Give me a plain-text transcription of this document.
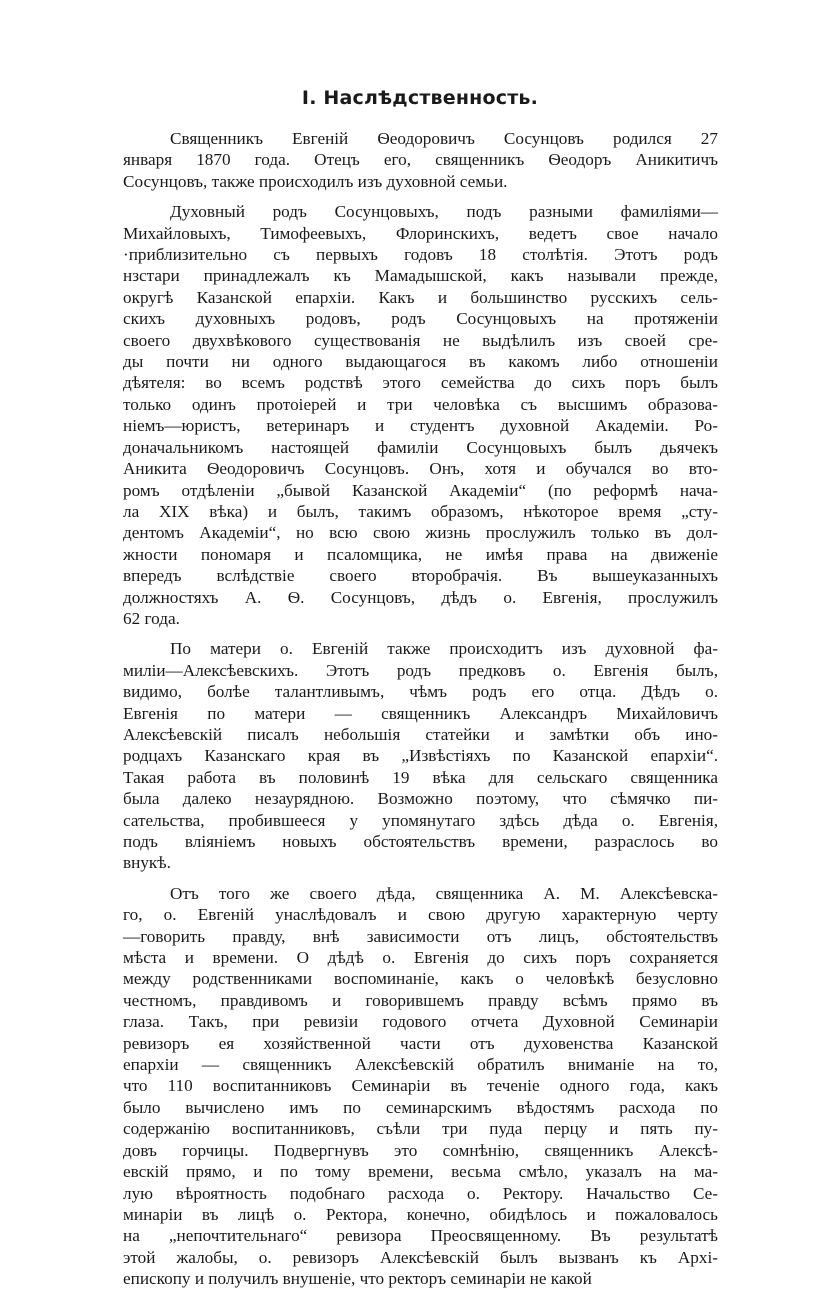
I. Наслѣдственность.
Священникъ Евгеній Ѳеодоровичъ Сосунцовъ родился 27
января 1870 года. Отецъ его, священникъ Ѳеодоръ Аникитичъ
Сосунцовъ, также происходилъ изъ духовной семьи.
Духовный родъ Сосунцовыхъ, подъ разными фамиліями—
Михайловыхъ, Тимофеевыхъ, Флоринскихъ, ведетъ свое начало
·приблизительно съ первыхъ годовъ 18 столѣтія. Этотъ родъ
нзстари принадлежалъ къ Мамадышской, какъ называли прежде,
округѣ Казанской епархіи. Какъ и большинство русскихъ сель-
скихъ духовныхъ родовъ, родъ Сосунцовыхъ на протяженіи
своего двухвѣкового существованія не выдѣлилъ изъ своей сре-
ды почти ни одного выдающагося въ какомъ либо отношеніи
дѣятеля: во всемъ родствѣ этого семейства до сихъ поръ былъ
только одинъ протоіерей и три человѣка съ высшимъ образова-
ніемъ—юристъ, ветеринаръ и студентъ духовной Академіи. Ро-
доначальникомъ настоящей фамиліи Сосунцовыхъ былъ дьячекъ
Аникита Ѳеодоровичъ Сосунцовъ. Онъ, хотя и обучался во вто-
ромъ отдѣленіи „бывой Казанской Академіи“ (по реформѣ нача-
ла XIX вѣка) и былъ, такимъ образомъ, нѣкоторое время „сту-
дентомъ Академіи“, но всю свою жизнь прослужилъ только въ дол-
жности пономаря и псаломщика, не имѣя права на движеніе
впередъ вслѣдствіе своего второбрачія. Въ вышеуказанныхъ
должностяхъ А. Ѳ. Сосунцовъ, дѣдъ о. Евгенія, прослужилъ
62 года.
По матери о. Евгеній также происходитъ изъ духовной фа-
миліи—Алексѣевскихъ. Этотъ родъ предковъ о. Евгенія былъ,
видимо, болѣе талантливымъ, чѣмъ родъ его отца. Дѣдъ о.
Евгенія по матери — священникъ Александръ Михайловичъ
Алексѣевскій писалъ небольшія статейки и замѣтки объ ино-
родцахъ Казанскаго края въ „Извѣстіяхъ по Казанской епархіи“.
Такая работа въ половинѣ 19 вѣка для сельскаго священника
была далеко незаурядною. Возможно поэтому, что сѣмячко пи-
сательства, пробившееся у упомянутаго здѣсь дѣда о. Евгенія,
подъ вліяніемъ новыхъ обстоятельствъ времени, разраслось во
внукѣ.
Отъ того же своего дѣда, священника А. М. Алексѣевска-
го, о. Евгеній унаслѣдовалъ и свою другую характерную черту
—говорить правду, внѣ зависимости отъ лицъ, обстоятельствъ
мѣста и времени. О дѣдѣ о. Евгенія до сихъ поръ сохраняется
между родственниками воспоминаніе, какъ о человѣкѣ безусловно
честномъ, правдивомъ и говорившемъ правду всѣмъ прямо въ
глаза. Такъ, при ревизіи годового отчета Духовной Семинаріи
ревизоръ ея хозяйственной части отъ духовенства Казанской
епархіи — священникъ Алексѣевскій обратилъ вниманіе на то,
что 110 воспитанниковъ Семинаріи въ теченіе одного года, какъ
было вычислено имъ по семинарскимъ вѣдостямъ расхода по
содержанію воспитанниковъ, съѣли три пуда перцу и пять пу-
довъ горчицы. Подвергнувъ это сомнѣнію, священникъ Алексѣ-
евскій прямо, и по тому времени, весьма смѣло, указалъ на ма-
лую вѣроятность подобнаго расхода о. Ректору. Начальство Се-
минаріи въ лицѣ о. Ректора, конечно, обидѣлось и пожаловалось
на „непочтительнаго“ ревизора Преосвященному. Въ результатѣ
этой жалобы, о. ревизоръ Алексѣевскій былъ вызванъ къ Архі-
епископу и получилъ внушеніе, что ректоръ семинаріи не какой
